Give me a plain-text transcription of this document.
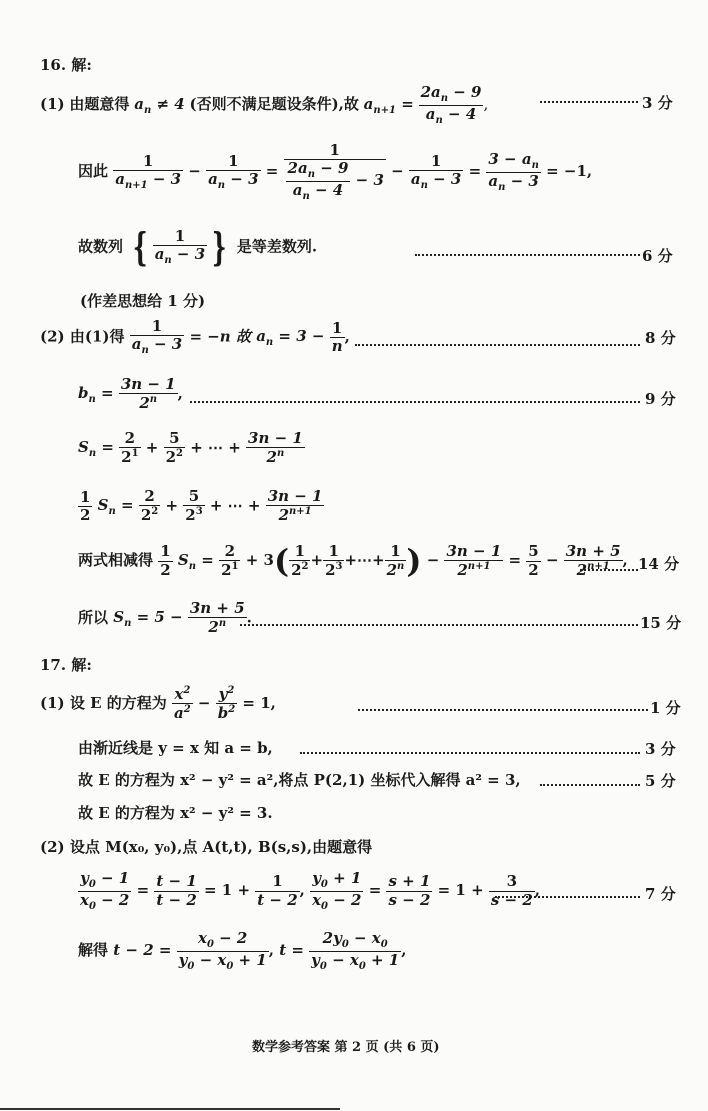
16. 解:
(1) 由题意得 $a_n \ne 4$ (否则不满足题设条件),故 $a_{n+1} = \frac{2a_n - 9}{a_n - 4}$ ,	3 分
因此 $\frac{1}{a_{n+1} - 3} - \frac{1}{a_n - 3} = \frac{1}{\frac{2a_n - 9}{a_n - 4} - 3} - \frac{1}{a_n - 3} = \frac{3 - a_n}{a_n - 3} = -1$,
故数列 { $\frac{1}{a_n - 3}$ } 是等差数列.
6 分
(作差思想给 1 分)
(2) 由(1)得 $\frac{1}{a_n - 3} = -n$ 故 $a_n = 3 - \frac{1}{n}$ ,	8 分
$b_n = \frac{3n - 1}{2^n}$ ,	9 分
$S_n = \frac{2}{2^1} + \frac{5}{2^2}$ + ⋯ + $\frac{3n - 1}{2^n}$
$\frac{1}{2} S_n = \frac{2}{2^2} + \frac{5}{2^3}$ + ⋯ + $\frac{3n - 1}{2^{n+1}}$
两式相减得 $\frac{1}{2} S_n = \frac{2}{2^1} + 3( \frac{1}{2^2} + \frac{1}{2^3}$ +⋯+ $\frac{1}{2^n}$ ) − $\frac{3n - 1}{2^{n+1}} = \frac{5}{2} - \frac{3n + 5}{2^{n+1}}$ , 14 分
所以 $S_n = 5 - \frac{3n + 5}{2^n}$ .	15 分
17. 解:
(1) 设 E 的方程为 $\frac{x^2}{a^2} - \frac{y^2}{b^2} = 1$,	1 分
由渐近线是 y = x 知 a = b,	3 分
故 E 的方程为 x² − y² = a²,将点 P(2,1) 坐标代入解得 a² = 3,	5 分
故 E 的方程为 x² − y² = 3.
(2) 设点 M(x₀, y₀),点 A(t,t), B(s,s),由题意得
$\frac{y_0 - 1}{x_0 - 2} = \frac{t - 1}{t - 2} = 1 + \frac{1}{t - 2}$ , $\frac{y_0 + 1}{x_0 - 2} = \frac{s + 1}{s - 2} = 1 + \frac{3}{s - 2}$ ,	7 分
解得 $t - 2 = \frac{x_0 - 2}{y_0 - x_0 + 1}$ , $t = \frac{2y_0 - x_0}{y_0 - x_0 + 1}$ ,
数学参考答案 第 2 页 (共 6 页)
